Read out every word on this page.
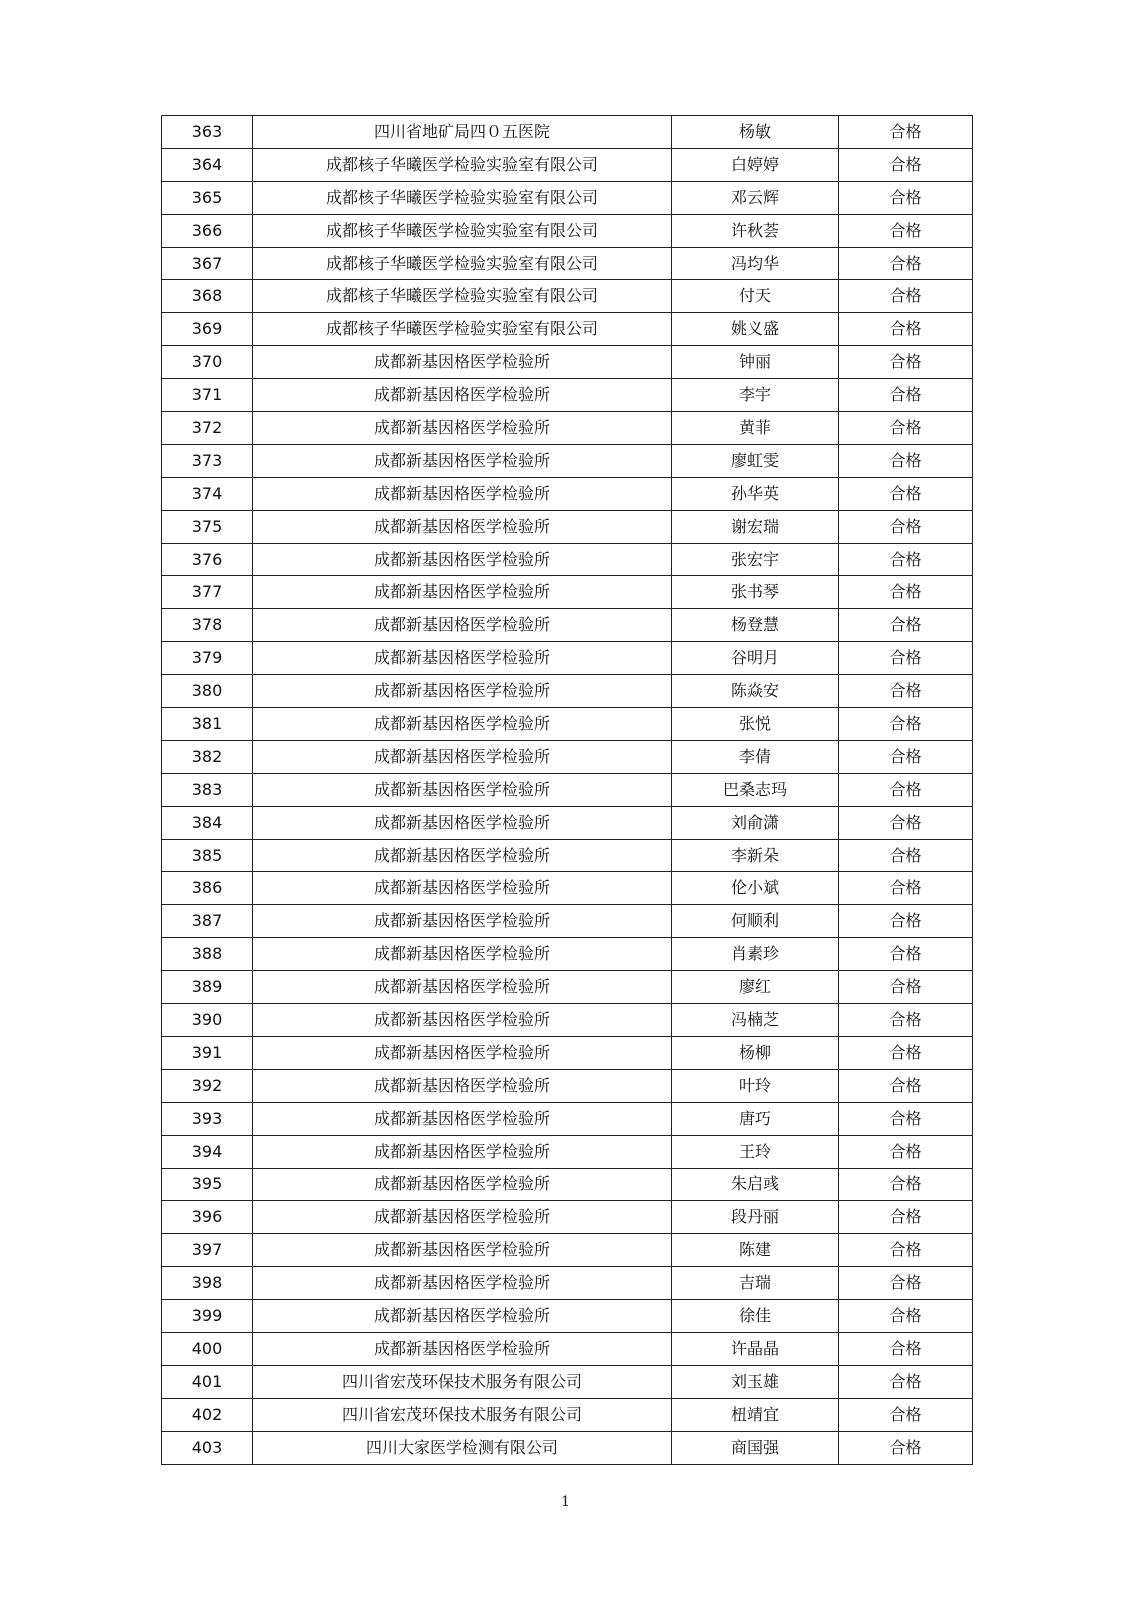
363	四川省地矿局四０五医院	杨敏	合格
364	成都核子华曦医学检验实验室有限公司	白婷婷	合格
365	成都核子华曦医学检验实验室有限公司	邓云辉	合格
366	成都核子华曦医学检验实验室有限公司	许秋荟	合格
367	成都核子华曦医学检验实验室有限公司	冯均华	合格
368	成都核子华曦医学检验实验室有限公司	付天	合格
369	成都核子华曦医学检验实验室有限公司	姚义盛	合格
370	成都新基因格医学检验所	钟丽	合格
371	成都新基因格医学检验所	李宇	合格
372	成都新基因格医学检验所	黄菲	合格
373	成都新基因格医学检验所	廖虹雯	合格
374	成都新基因格医学检验所	孙华英	合格
375	成都新基因格医学检验所	谢宏瑞	合格
376	成都新基因格医学检验所	张宏宇	合格
377	成都新基因格医学检验所	张书琴	合格
378	成都新基因格医学检验所	杨登慧	合格
379	成都新基因格医学检验所	谷明月	合格
380	成都新基因格医学检验所	陈焱安	合格
381	成都新基因格医学检验所	张悦	合格
382	成都新基因格医学检验所	李倩	合格
383	成都新基因格医学检验所	巴桑志玛	合格
384	成都新基因格医学检验所	刘俞潇	合格
385	成都新基因格医学检验所	李新朵	合格
386	成都新基因格医学检验所	伦小斌	合格
387	成都新基因格医学检验所	何顺利	合格
388	成都新基因格医学检验所	肖素珍	合格
389	成都新基因格医学检验所	廖红	合格
390	成都新基因格医学检验所	冯楠芝	合格
391	成都新基因格医学检验所	杨柳	合格
392	成都新基因格医学检验所	叶玲	合格
393	成都新基因格医学检验所	唐巧	合格
394	成都新基因格医学检验所	王玲	合格
395	成都新基因格医学检验所	朱启彧	合格
396	成都新基因格医学检验所	段丹丽	合格
397	成都新基因格医学检验所	陈建	合格
398	成都新基因格医学检验所	吉瑞	合格
399	成都新基因格医学检验所	徐佳	合格
400	成都新基因格医学检验所	许晶晶	合格
401	四川省宏茂环保技术服务有限公司	刘玉雄	合格
402	四川省宏茂环保技术服务有限公司	杻靖宜	合格
403	四川大家医学检测有限公司	商国强	合格
1
